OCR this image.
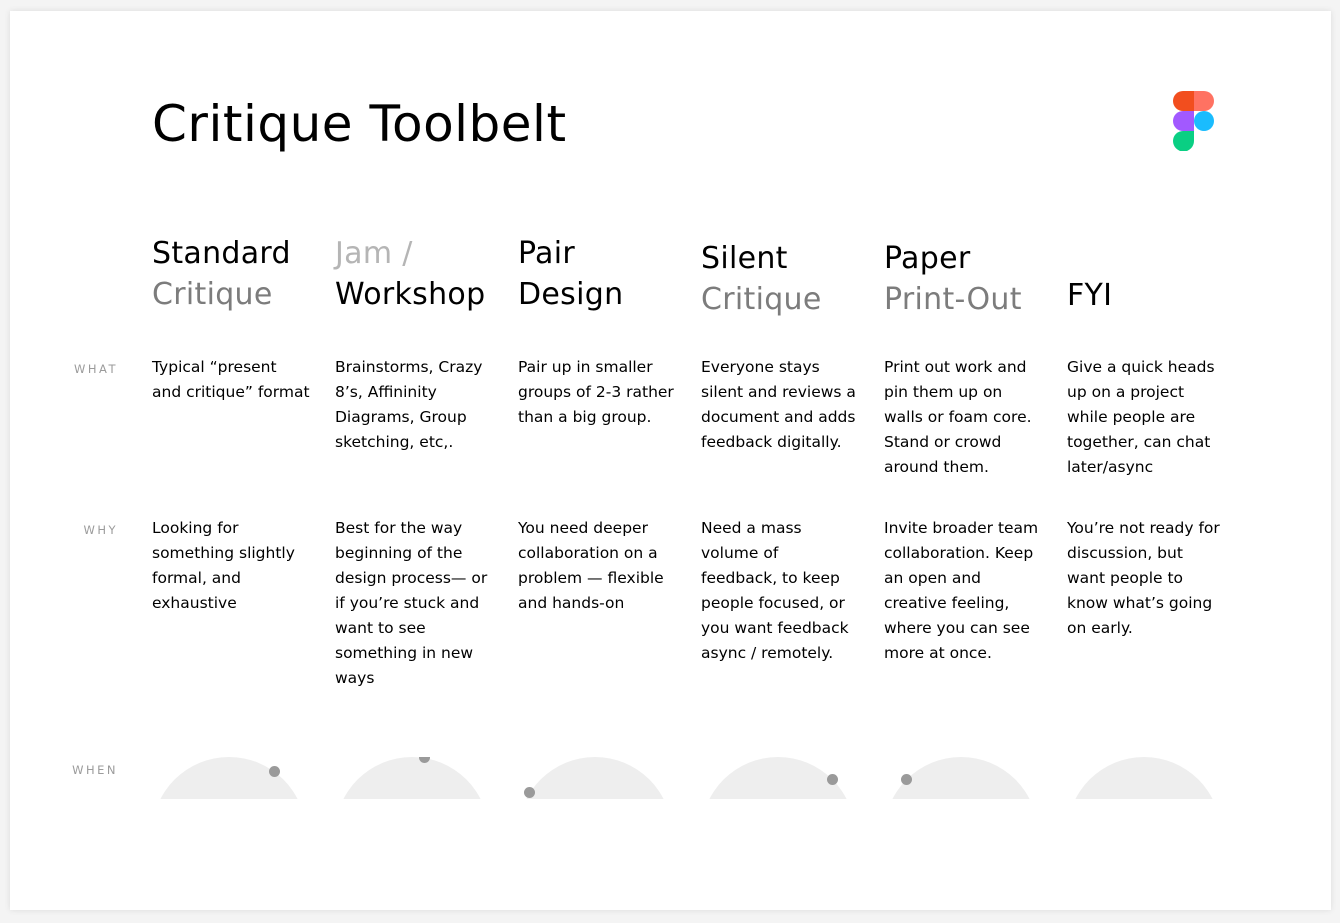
Critique Toolbelt
Standard
Critique
Jam /
Workshop
Pair
Design
Silent
Critique
Paper
Print-Out FYI
WHAT
WHY
WHEN
Typical “present and critique” format
Brainstorms, Crazy 8’s, Affininity Diagrams, Group sketching, etc,.
Pair up in smaller groups of 2-3 rather than a big group.
Everyone stays silent and reviews a document and adds feedback digitally.
Print out work and pin them up on walls or foam core. Stand or crowd around them.
Give a quick heads up on a project while people are together, can chat later/async
Looking for something slightly formal, and exhaustive
Best for the way beginning of the design process— or if you’re stuck and want to see something in new ways
You need deeper collaboration on a problem — flexible and hands-on
Need a mass volume of feedback, to keep people focused, or you want feedback async / remotely.
Invite broader team collaboration. Keep an open and creative feeling, where you can see more at once.
You’re not ready for discussion, but want people to know what’s going on early.
